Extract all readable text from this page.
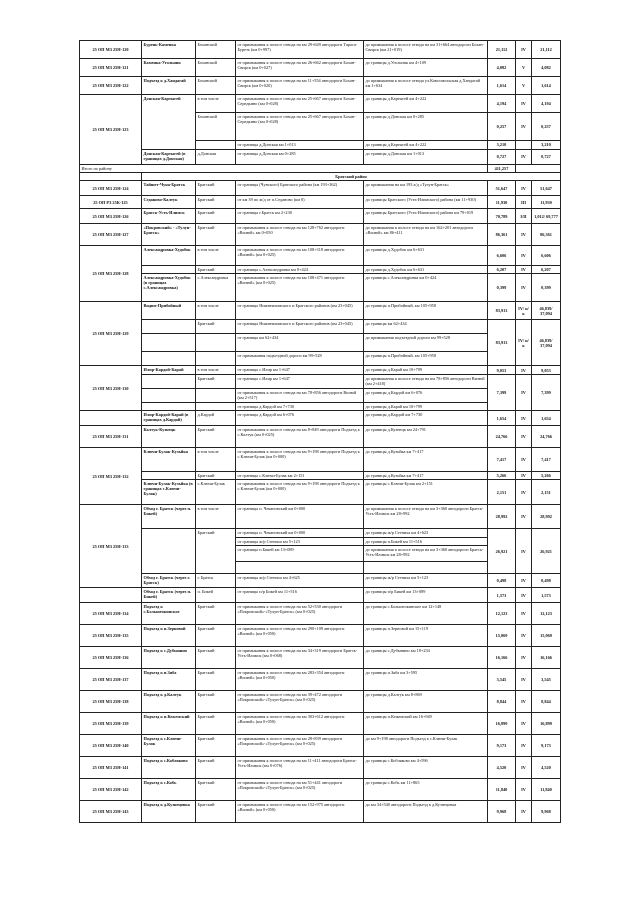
25 ОП МЗ 25Н-120	Бурень-Каменка	Боханский	от примыкания к полосе отвода на км 29+649 автодороги Тараса-Буреть (км 0+997)	до примыкания к полосе отвода на км 31+664 автодороги Бохан-Свирск (км 21+019)	21,112	IV	21,112
25 ОП МЗ 25Н-121	Каменка-Угольник	Боханский	от примыкания к полосе отвода на км 26+662 автодороги Бохан-Свирск (км 0+027)	до границы д.Угольник км 4+109	4,082	V	4,082
25 ОП МЗ 25Н-122	Подъезд к д.Хандагай	Боханский	от примыкания к полосе отвода на км 11+554 автодороги Бохан-Свирск (км 0+020)	до примыкания к полосе отвода ул.Комсомольская д.Хандагай км 1+634	1,614	V	1,614
25 ОП МЗ 25Н-123	Донская-Картыгей	в том числе	от примыкания к полосе отвода на км 25+667 автодороги Бохан-Середкино (км 0+028)	до границы д.Картыгей км 4+222	4,194	IV	4,194
		Боханский	от примыкания к полосе отвода на км 25+667 автодороги Бохан-Середкино (км 0+028)	до границы д.Донская км 0+285	0,257	IV	0,257
			от границы д.Донская км 1+013	до границы д.Картыгей км 4+222	3,210		3,210
	Донская-Картыгей (в границах д.Донская)	д.Донская	от границы д.Донская км 0+285	до границы д.Донская км 1+013	0,727	IV	0,727
Итого по району					411,257		
	Братский район						
25 ОП МЗ 25Н-124	Тайшет-Чуна-Братск	Братский	от границы (Чунского) Братского района (км 193+362)	до примыкания на км 193 а/д «Тулун-Братск»	51,647	IV	51,647
25 ОП РЗ 25К-125	Седаново-Калтук	Братский	от км 39 по ж/д от п.Седаново (км 0)	до границы Братского (Усть-Илимского) района (км 11+930)	11,930	III	11,930
25 ОП МЗ 25Н-126	Братск-Усть-Илимск	Братский	от границы г.Братск км 2+230	до границы Братского (Усть-Илимского) района км 79+019	70,789	I/II	1,012/ 69,777
25 ОП МЗ 25Н-127	«Покровский» - «Тулун-Братск»	Братский	от примыкания к полосе отвода на км 128+762 автодороги «Вилюй» км 0+050	до примыкания к полосе отвода на км 162+201 автодороги «Вилюй» км 86+411	86,361	IV	86,361
25 ОП МЗ 25Н-128	Александровка-Худобок	в том числе	от примыкания к полосе отвода на км 108+318 автодороги «Вилюй» (км 0+025)	до границы д.Худобок км 6+631	6,606	IV	6,606
		Братский	от границы с.Александровка км 0+424	до границы д.Худобок км 6+631	6,207	IV	6,207
	Александровка-Худобок (в границах с.Александровка)	с.Александровка	от примыкания к полосе отвода на км 108+471 автодороги «Вилюй» (км 0+025)	до границы с.Александровка км 0+424	0,399	IV	0,399
25 ОП МЗ 25Н-129	Видим-Прибойный	в том числе	от границы Нижнеилимского и Братского районов (км 23+045)	до границы п.Прибойный, км 105+958	83,913	IV/ н/к	46,839/ 37,094
		Братский	от границы Нижнеилимского и Братского районов (км 23+045)	до границы км 62+434	83,913	IV/ н/к	46,839/ 37,094
			от границы км 62+434	до примыкания подъездной дороги км 99+528			
			от примыкания подъездной дороги км 99+528	до границы п.Прибойный, км 105+958			
25 ОП МЗ 25Н-130	Илир-Кардой-Карай	в том числе	от границы с.Илир км 1+647	до границы д.Карай км 10+799	9,053	IV	9,053
		Братский	от границы с.Илир км 1+647	до примыкания к полосе отвода на км 78+856 автодороги Вилюй (км 2+418)	7,399	IV	7,399
			от примыкания к полосе отвода на км 78+856 автодороги Вилюй (км 2+517)	до границы д.Кардой км 6+076			
			от границы д.Кардой км 7+730	до границы д.Карай км 10+799			
	Илир-Кардой-Карай (в границах д.Кардой)	д.Кардой	от границы д.Кардой км 6+076	до границы д.Кардой км 7+730	1,654	IV	1,654
25 ОП МЗ 25Н-131	Калтук-Кузнецк	Братский	от примыкания к полосе отвода на км 8+849 автодороги Подъезд к с.Калтук (км 0+025)	до границы д.Кузнецк км 24+791	24,766	IV	24,766
25 ОП МЗ 25Н-132	Ключи-Булак-Кузьйка	в том числе	от примыкания к полосе отвода на км 9+198 автодороги Подъезд к с.Ключи-Булак (км 0+000)	до границы д.Кузьйка км 7+417	7,417	IV	7,417
		Братский	от границы с.Ключи-Булак км 2+151	до границы д.Кузьйка км 7+417	5,266	IV	5,266
	Ключи-Булак-Кузьйка (в границах с.Ключи-Булак)	с.Ключи-Булак	от примыкания к полосе отвода на км 9+198 автодороги Подъезд к с.Ключи-Булак (км 0+000)	до границы с.Ключи-Булак км 2+151	2,151	IV	2,151
25 ОП МЗ 25Н-133	Обход г. Братск (через п. Бикей)	в том числе	от границы п. Чекановский км 0+000	до примыкания к полосе отвода на км 3+360 автодороги Братск-Усть-Илимск км 28+992	28,992	IV	28,992
		Братский	от границы п. Чекановский км 0+000	до границы ж/р Стениха км 4+623	26,921	IV	26,921
			от границы ж/р Стениха км 5+123	до границы п.Бикей км 11+516			
			от границы п.Бикей км 13+089	до примыкания к полосе отвода на км 3+360 автодороги Братск-Усть-Илимск км 28+992			

	Обход г. Братск (через г. Братск)	г. Братск	от границы ж/р Стениха км 4+625	до границы ж/р Стениха км 5+123	0,498	IV	0,498
	Обход г. Братск (через п. Бикей)	п. Бикей	от границы п/р Бикей км 11+516	до границы п/р Бикей км 13+089	1,573	IV	1,573
25 ОП МЗ 25Н-134	Подъезд к с.Большеокинское	Братский	от примыкания к полосе отвода на км 52+530 автодороги «Покровский»-«Тулун-Братск» (км 0+025)	до границы с.Большеокинское км 12+148	12,123	IV	12,123
25 ОП МЗ 25Н-135	Подъезд к п.Зерновой	Братский	от примыкания к полосе отвода на км 290+109 автодороги «Вилюй» (км 0+050)	до границы п.Зерновой км 15+119	15,069	IV	15,069
25 ОП МЗ 25Н-136	Подъезд к с.Дубынино	Братский	от примыкания к полосе отвода на км 34+319 автодороги Братск-Усть-Илимск (км 0+068)	до границы с.Дубынино км 18+234	16,166	IV	16,166
25 ОП МЗ 25Н-137	Подъезд к п.Зяба	Братский	от примыкания к полосе отвода на км 283+354 автодороги «Вилюй» (км 0+050)	до границы п.Зяба км 3+595	3,545	IV	3,545
25 ОП МЗ 25Н-138	Подъезд к д.Калтук	Братский	от примыкания к полосе отвода на км 39+472 автодороги «Покровский»-«Тулун-Братск» (км 0+025)	до границы д.Калтук км 8+869	8,844	IV	8,844
25 ОП МЗ 25Н-139	Подъезд к п.Кежемский	Братский	от примыкания к полосе отвода на км 303+612 автодороги «Вилюй» (км 0+050)	до границы п.Кежемский км 16+949	16,899	IV	16,899
25 ОП МЗ 25Н-140	Подъезд к с.Ключи-Булак	Братский	от примыкания к полосе отвода на км 28+839 автодороги «Покровский»-«Тулун-Братск» (км 0+025)	до км 9+198 автодороги Подъезд к с.Ключи-Булак	9,173	IV	9,173
25 ОП МЗ 25Н-141	Подъезд к с.Кобляково	Братский	от примыкания к полосе отвода на км 11+411 автодороги Братск-Усть-Илимск (км 0+076)	до границы с.Кобляково км 4+596	4,520	IV	4,520
25 ОП МЗ 25Н-142	Подъезд к с.Кобь	Братский	от примыкания к полосе отвода на км 51+441 автодороги «Покровский»-«Тулун-Братск» (км 0+025)	до границы с.Кобь км 11+865	11,840	IV	11,840
25 ОП МЗ 25Н-143	Подъезд к д.Кузнецовка	Братский	от примыкания к полосе отвода на км 152+975 автодороги «Вилюй» (км 0+050)	до км 34+540 автодороги Подъезд к д.Кузнецовка	9,968	IV	9,968
